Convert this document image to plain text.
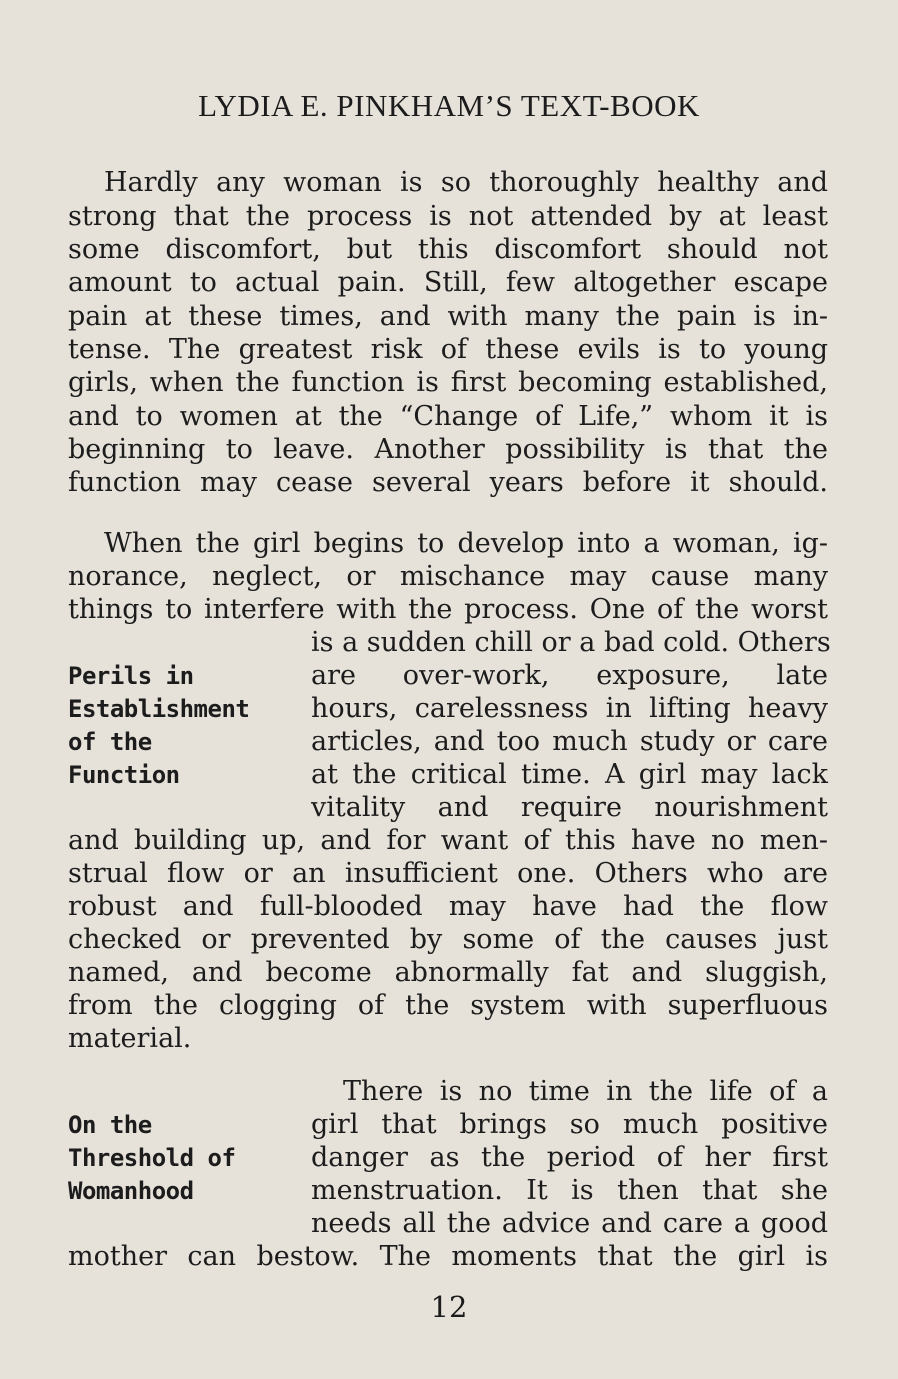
LYDIA E. PINKHAM’S TEXT-BOOK
Hardly any woman is so thoroughly healthy and
strong that the process is not attended by at least
some discomfort, but this discomfort should not
amount to actual pain. Still, few altogether escape
pain at these times, and with many the pain is in-
tense. The greatest risk of these evils is to young
girls, when the function is first becoming established,
and to women at the “Change of Life,” whom it is
beginning to leave. Another possibility is that the
function may cease several years before it should.
When the girl begins to develop into a woman, ig-
norance, neglect, or mischance may cause many
things to interfere with the process. One of the worst
is a sudden chill or a bad cold. Others
are over-work, exposure, late
hours, carelessness in lifting heavy
articles, and too much study or care
at the critical time. A girl may lack
vitality and require nourishment
and building up, and for want of this have no men-
strual flow or an insufficient one. Others who are
robust and full-blooded may have had the flow
checked or prevented by some of the causes just
named, and become abnormally fat and sluggish,
from the clogging of the system with superfluous
material.
Perils in
Establishment
of the
Function
There is no time in the life of a
girl that brings so much positive
danger as the period of her first
menstruation. It is then that she
needs all the advice and care a good
mother can bestow. The moments that the girl is
On the
Threshold of
Womanhood
12
